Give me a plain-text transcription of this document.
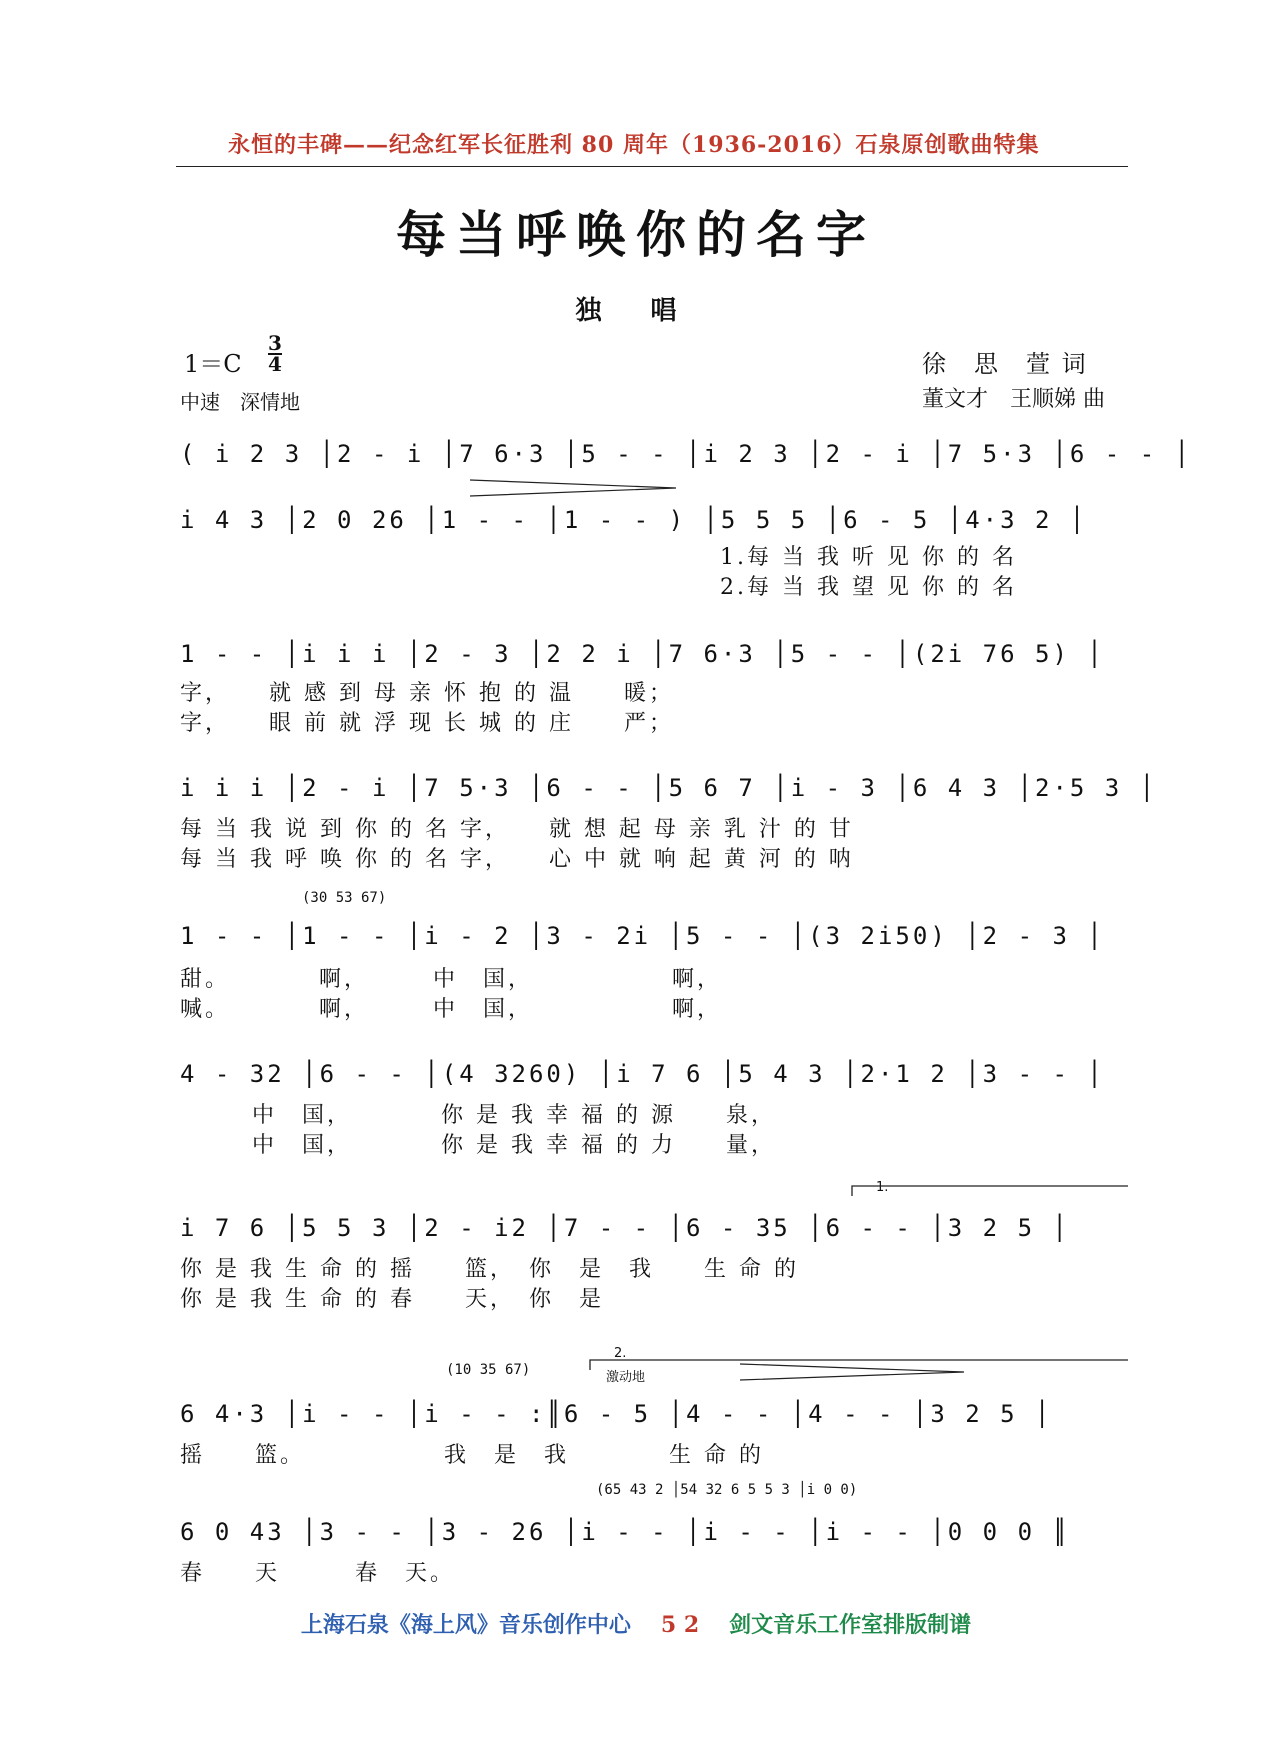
永恒的丰碑——纪念红军长征胜利 80 周年（1936-2016）石泉原创歌曲特集
每当呼唤你的名字
独 唱
1＝C
3
4
中速　深情地
徐　思　萱 词
董文才　王顺娣 曲
( i 2 3 │2 - i │7 6·3 │5 - - │i 2 3 │2 - i │7 5·3 │6 - - │
i 4 3 │2 0 26 │1 - - │1 - - ) │5 5 5 │6 - 5 │4·3 2 │
1.每 当 我 听 见 你 的 名
2.每 当 我 望 见 你 的 名
1 - - │i i i │2 - 3 │2 2 i │7 6·3 │5 - - │(2i 76 5) │
字，　　就 感 到 母 亲 怀 抱 的 温　　暖；
字，　　眼 前 就 浮 现 长 城 的 庄　　严；
i i i │2 - i │7 5·3 │6 - - │5 6 7 │i - 3 │6 4 3 │2·5 3 │
每 当 我 说 到 你 的 名 字，　　就 想 起 母 亲 乳 汁 的 甘
每 当 我 呼 唤 你 的 名 字，　　心 中 就 响 起 黄 河 的 呐
(30 53 67)
1 - - │1 - - │i - 2 │3 - 2i │5 - - │(3 2i50) │2 - 3 │
甜。　　　　啊，　　　中　国，　　　　　　啊，
喊。　　　　啊，　　　中　国，　　　　　　啊，
4 - 32 │6 - - │(4 3260) │i 7 6 │5 4 3 │2·1 2 │3 - - │
中　国，　　　　你 是 我 幸 福 的 源　　泉，
中　国，　　　　你 是 我 幸 福 的 力　　量，
1.
i 7 6 │5 5 3 │2 - i2 │7 - - │6 - 35 │6 - - │3 2 5 │
你 是 我 生 命 的 摇　　篮，　你　是　我　　生 命 的
你 是 我 生 命 的 春　　天，　你　是
(10 35 67)
2.
激动地
6 4·3 │i - - │i - - :║6 - 5 │4 - - │4 - - │3 2 5 │
摇　　篮。　　　　　　我　是　我　　　　生 命 的
(65 43 2 │54 32 6 5 5 3 │i 0 0)
6 0 43 │3 - - │3 - 26 │i - - │i - - │i - - │0 0 0 ║
春　　天　　　春　天。
上海石泉《海上风》音乐创作中心 5 2 剑文音乐工作室排版制谱
